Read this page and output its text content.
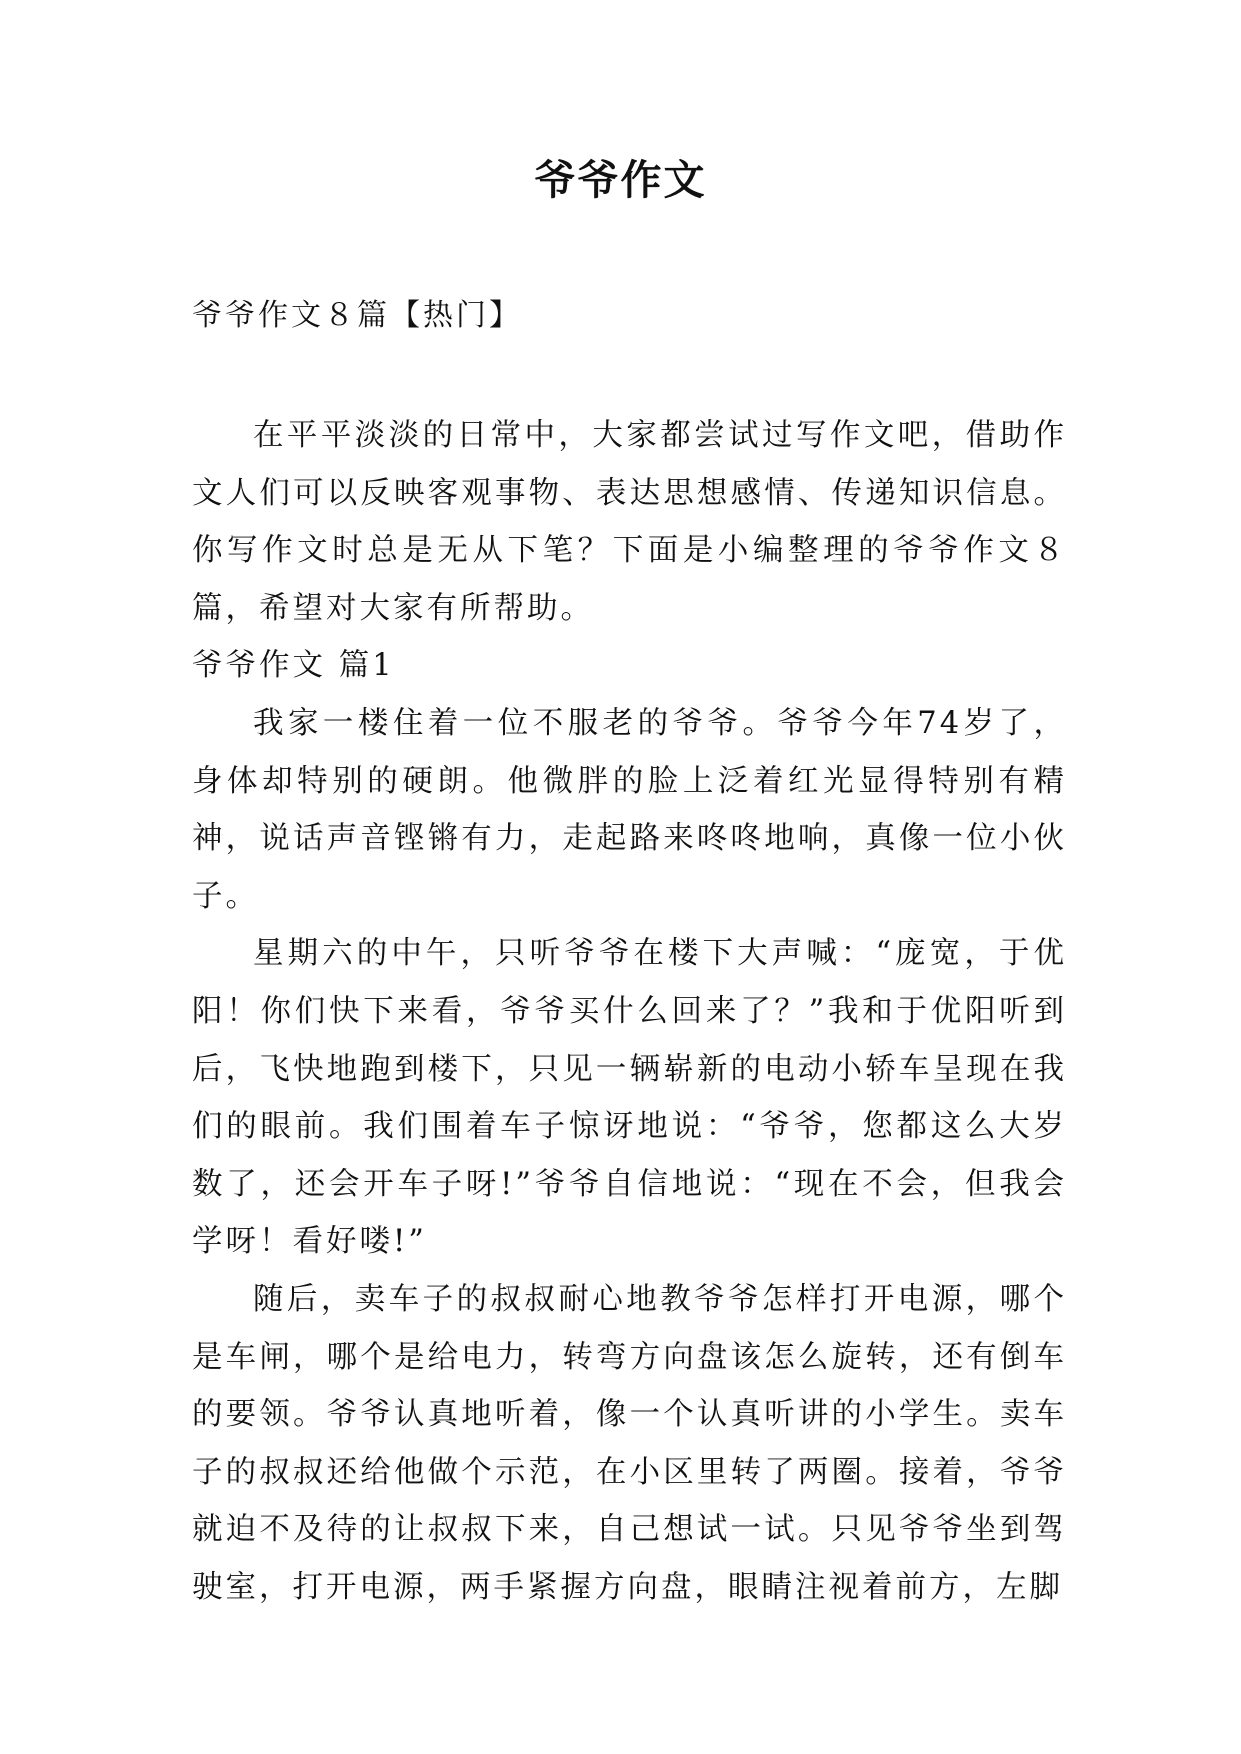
爷爷作文
爷爷作文８篇【热门】

在平平淡淡的日常中，大家都尝试过写作文吧，借助作文人们可以反映客观事物、表达思想感情、传递知识信息。你写作文时总是无从下笔？下面是小编整理的爷爷作文８篇，希望对大家有所帮助。

爷爷作文 篇1

我家一楼住着一位不服老的爷爷。爷爷今年74岁了，身体却特别的硬朗。他微胖的脸上泛着红光显得特别有精神，说话声音铿锵有力，走起路来咚咚地响，真像一位小伙子。

星期六的中午，只听爷爷在楼下大声喊：“庞宽，于优阳！你们快下来看，爷爷买什么回来了？”我和于优阳听到后，飞快地跑到楼下，只见一辆崭新的电动小轿车呈现在我们的眼前。我们围着车子惊讶地说：“爷爷，您都这么大岁数了，还会开车子呀!”爷爷自信地说：“现在不会，但我会学呀！看好喽!”

随后，卖车子的叔叔耐心地教爷爷怎样打开电源，哪个是车闸，哪个是给电力，转弯方向盘该怎么旋转，还有倒车的要领。爷爷认真地听着，像一个认真听讲的小学生。卖车子的叔叔还给他做个示范，在小区里转了两圈。接着，爷爷就迫不及待的让叔叔下来，自己想试一试。只见爷爷坐到驾驶室，打开电源，两手紧握方向盘，眼睛注视着前方，左脚
